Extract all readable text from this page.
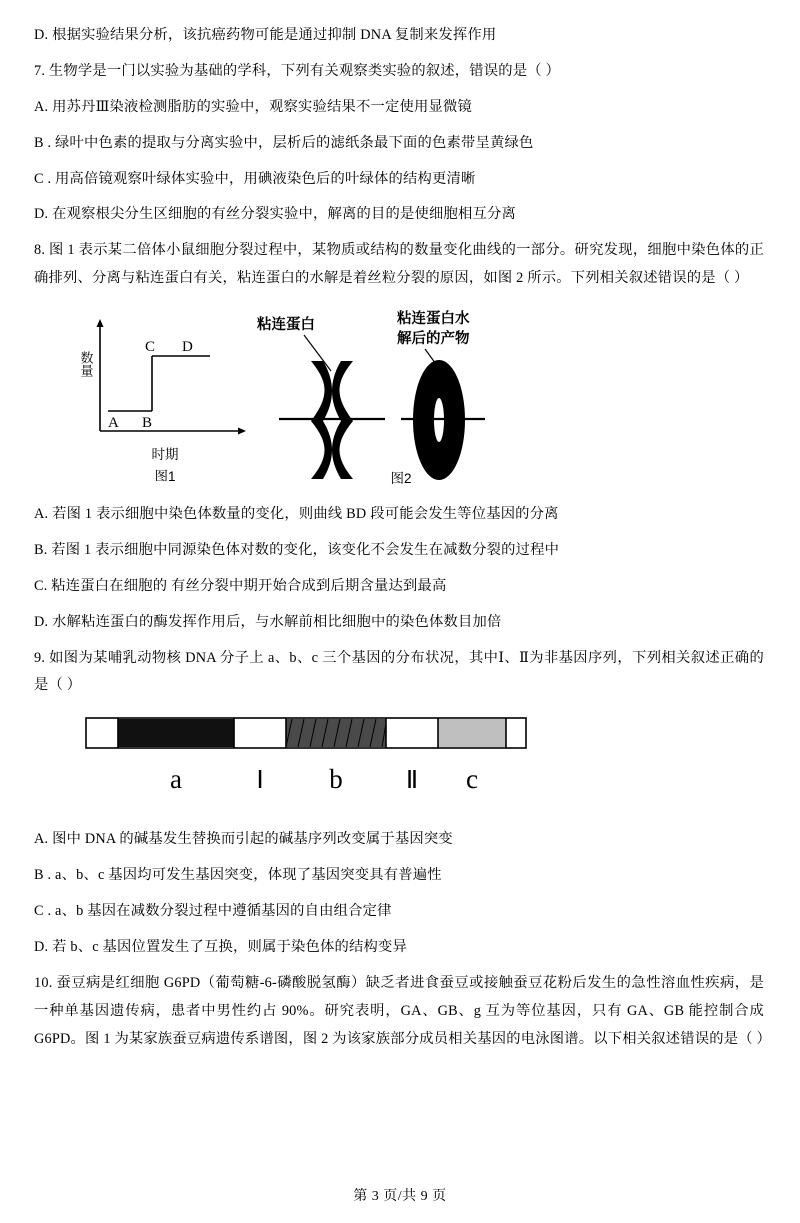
D. 根据实验结果分析，该抗癌药物可能是通过抑制 DNA 复制来发挥作用

7. 生物学是一门以实验为基础的学科，下列有关观察类实验的叙述，错误的是（ ）

A. 用苏丹Ⅲ染液检测脂肪的实验中，观察实验结果不一定使用显微镜

B . 绿叶中色素的提取与分离实验中，层析后的滤纸条最下面的色素带呈黄绿色

C . 用高倍镜观察叶绿体实验中，用碘液染色后的叶绿体的结构更清晰

D. 在观察根尖分生区细胞的有丝分裂实验中，解离的目的是使细胞相互分离

8. 图 1 表示某二倍体小鼠细胞分裂过程中，某物质或结构的数量变化曲线的一部分。研究发现，细胞中染色体的正确排列、分离与粘连蛋白有关，粘连蛋白的水解是着丝粒分裂的原因，如图 2 所示。下列相关叙述错误的是（ ）

A B
C D
数量
时期
图1
粘连蛋白	粘连蛋白水
解后的产物
图2

A. 若图 1 表示细胞中染色体数量的变化，则曲线 BD 段可能会发生等位基因的分离

B. 若图 1 表示细胞中同源染色体对数的变化，该变化不会发生在减数分裂的过程中

C. 粘连蛋白在细胞的 有丝分裂中期开始合成到后期含量达到最高

D. 水解粘连蛋白的酶发挥作用后，与水解前相比细胞中的染色体数目加倍

9. 如图为某哺乳动物核 DNA 分子上 a、b、c 三个基因的分布状况，其中Ⅰ、Ⅱ为非基因序列，下列相关叙述正确的是（ ）

a	Ⅰ b	Ⅱ c

A. 图中 DNA 的碱基发生替换而引起的碱基序列改变属于基因突变

B . a、b、c 基因均可发生基因突变，体现了基因突变具有普遍性

C . a、b 基因在减数分裂过程中遵循基因的自由组合定律

D. 若 b、c 基因位置发生了互换，则属于染色体的结构变异

10. 蚕豆病是红细胞 G6PD（葡萄糖-6-磷酸脱氢酶）缺乏者进食蚕豆或接触蚕豆花粉后发生的急性溶血性疾病，是一种单基因遗传病，患者中男性约占 90%。研究表明，GA、GB、g 互为等位基因，只有 GA、GB 能控制合成 G6PD。图 1 为某家族蚕豆病遗传系谱图，图 2 为该家族部分成员相关基因的电泳图谱。以下相关叙述错误的是（ ）

第 3 页/共 9 页
